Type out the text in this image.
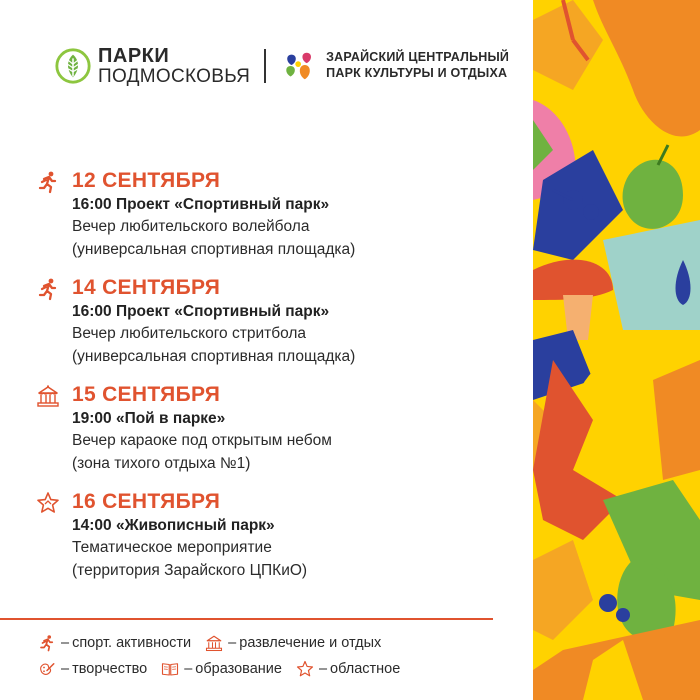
ПАРКИ
ПОДМОСКОВЬЯ
ЗАРАЙСКИЙ ЦЕНТРАЛЬНЫЙ
ПАРК КУЛЬТУРЫ И ОТДЫХА
12 СЕНТЯБРЯ
16:00 Проект «Спортивный парк»
Вечер любительского волейбола
(универсальная спортивная площадка)
14 СЕНТЯБРЯ
16:00 Проект «Спортивный парк»
Вечер любительского стритбола
(универсальная спортивная площадка)
15 СЕНТЯБРЯ
19:00 «Пой в парке»
Вечер караоке под открытым небом
(зона тихого отдыха №1)
16 СЕНТЯБРЯ
14:00 «Живописный парк»
Тематическое мероприятие
(территория Зарайского ЦПКиО)
– спорт. активности	– развлечение и отдых
– творчество	– образование	– областное
